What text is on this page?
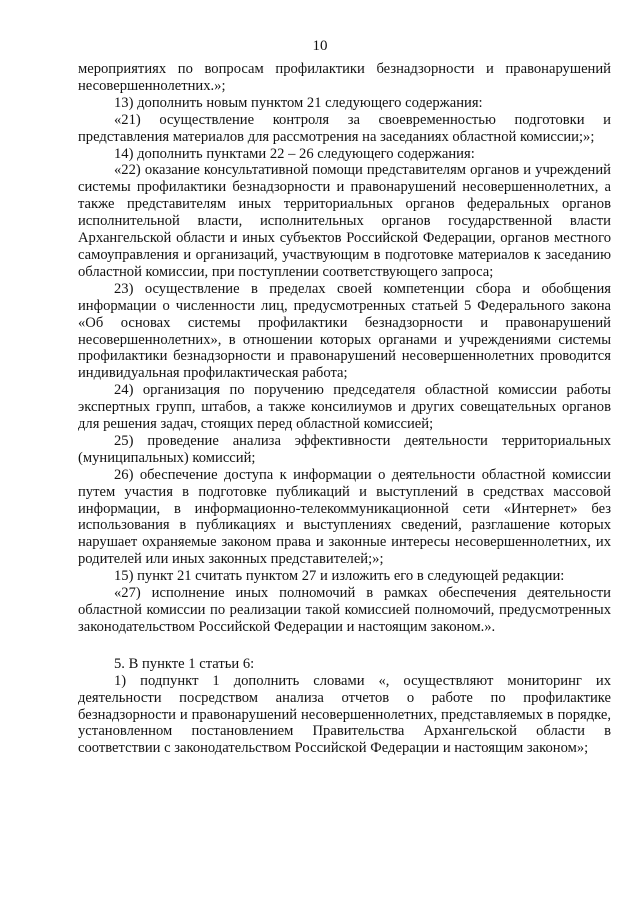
10

мероприятиях по вопросам профилактики безнадзорности и правонарушений несовершеннолетних.»;

13) дополнить новым пунктом 21 следующего содержания:

«21) осуществление контроля за своевременностью подготовки и представления материалов для рассмотрения на заседаниях областной комиссии;»;

14) дополнить пунктами 22 – 26 следующего содержания:

«22) оказание консультативной помощи представителям органов и учреждений системы профилактики безнадзорности и правонарушений несовершеннолетних, а также представителям иных территориальных органов федеральных органов исполнительной власти, исполнительных органов государственной власти Архангельской области и иных субъектов Российской Федерации, органов местного самоуправления и организаций, участвующим в подготовке материалов к заседанию областной комиссии, при поступлении соответствующего запроса;

23) осуществление в пределах своей компетенции сбора и обобщения информации о численности лиц, предусмотренных статьей 5 Федерального закона «Об основах системы профилактики безнадзорности и правонарушений несовершеннолетних», в отношении которых органами и учреждениями системы профилактики безнадзорности и правонарушений несовершеннолетних проводится индивидуальная профилактическая работа;

24) организация по поручению председателя областной комиссии работы экспертных групп, штабов, а также консилиумов и других совещательных органов для решения задач, стоящих перед областной комиссией;

25) проведение анализа эффективности деятельности территориальных (муниципальных) комиссий;

26) обеспечение доступа к информации о деятельности областной комиссии путем участия в подготовке публикаций и выступлений в средствах массовой информации, в информационно-телекоммуникационной сети «Интернет» без использования в публикациях и выступлениях сведений, разглашение которых нарушает охраняемые законом права и законные интересы несовершеннолетних, их родителей или иных законных представителей;»;

15) пункт 21 считать пунктом 27 и изложить его в следующей редакции:

«27) исполнение иных полномочий в рамках обеспечения деятельности областной комиссии по реализации такой комиссией полномочий, предусмотренных законодательством Российской Федерации и настоящим законом.».

5. В пункте 1 статьи 6:

1) подпункт 1 дополнить словами «, осуществляют мониторинг их деятельности посредством анализа отчетов о работе по профилактике безнадзорности и правонарушений несовершеннолетних, представляемых в порядке, установленном постановлением Правительства Архангельской области в соответствии с законодательством Российской Федерации и настоящим законом»;
